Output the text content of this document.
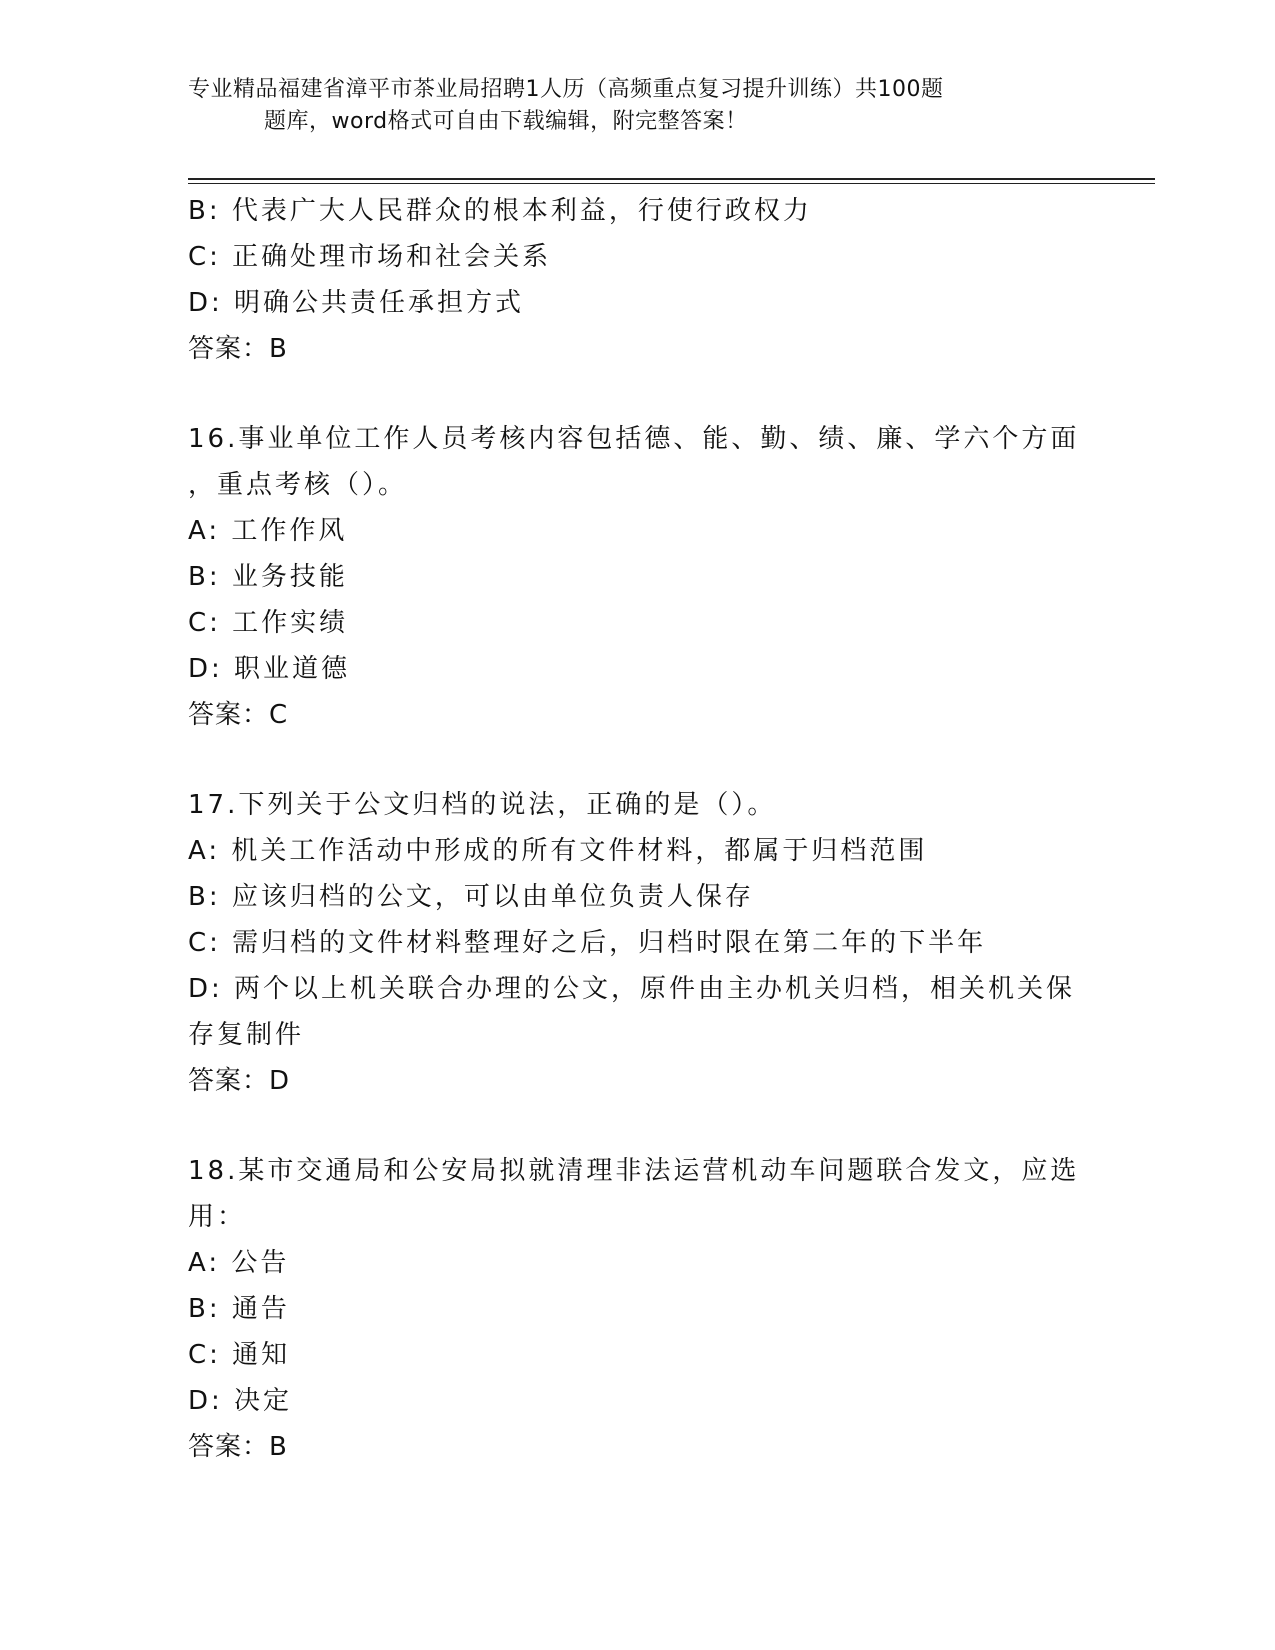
专业精品福建省漳平市茶业局招聘1人历（高频重点复习提升训练）共100题
题库，word格式可自由下载编辑，附完整答案！
B: 代表广大人民群众的根本利益，行使行政权力
C: 正确处理市场和社会关系
D: 明确公共责任承担方式
答案：B
16.事业单位工作人员考核内容包括德、能、勤、绩、廉、学六个方面
，重点考核（）。
A: 工作作风
B: 业务技能
C: 工作实绩
D: 职业道德
答案：C
17.下列关于公文归档的说法，正确的是（）。
A: 机关工作活动中形成的所有文件材料，都属于归档范围
B: 应该归档的公文，可以由单位负责人保存
C: 需归档的文件材料整理好之后，归档时限在第二年的下半年
D: 两个以上机关联合办理的公文，原件由主办机关归档，相关机关保
存复制件
答案：D
18.某市交通局和公安局拟就清理非法运营机动车问题联合发文，应选
用：
A: 公告
B: 通告
C: 通知
D: 决定
答案：B
